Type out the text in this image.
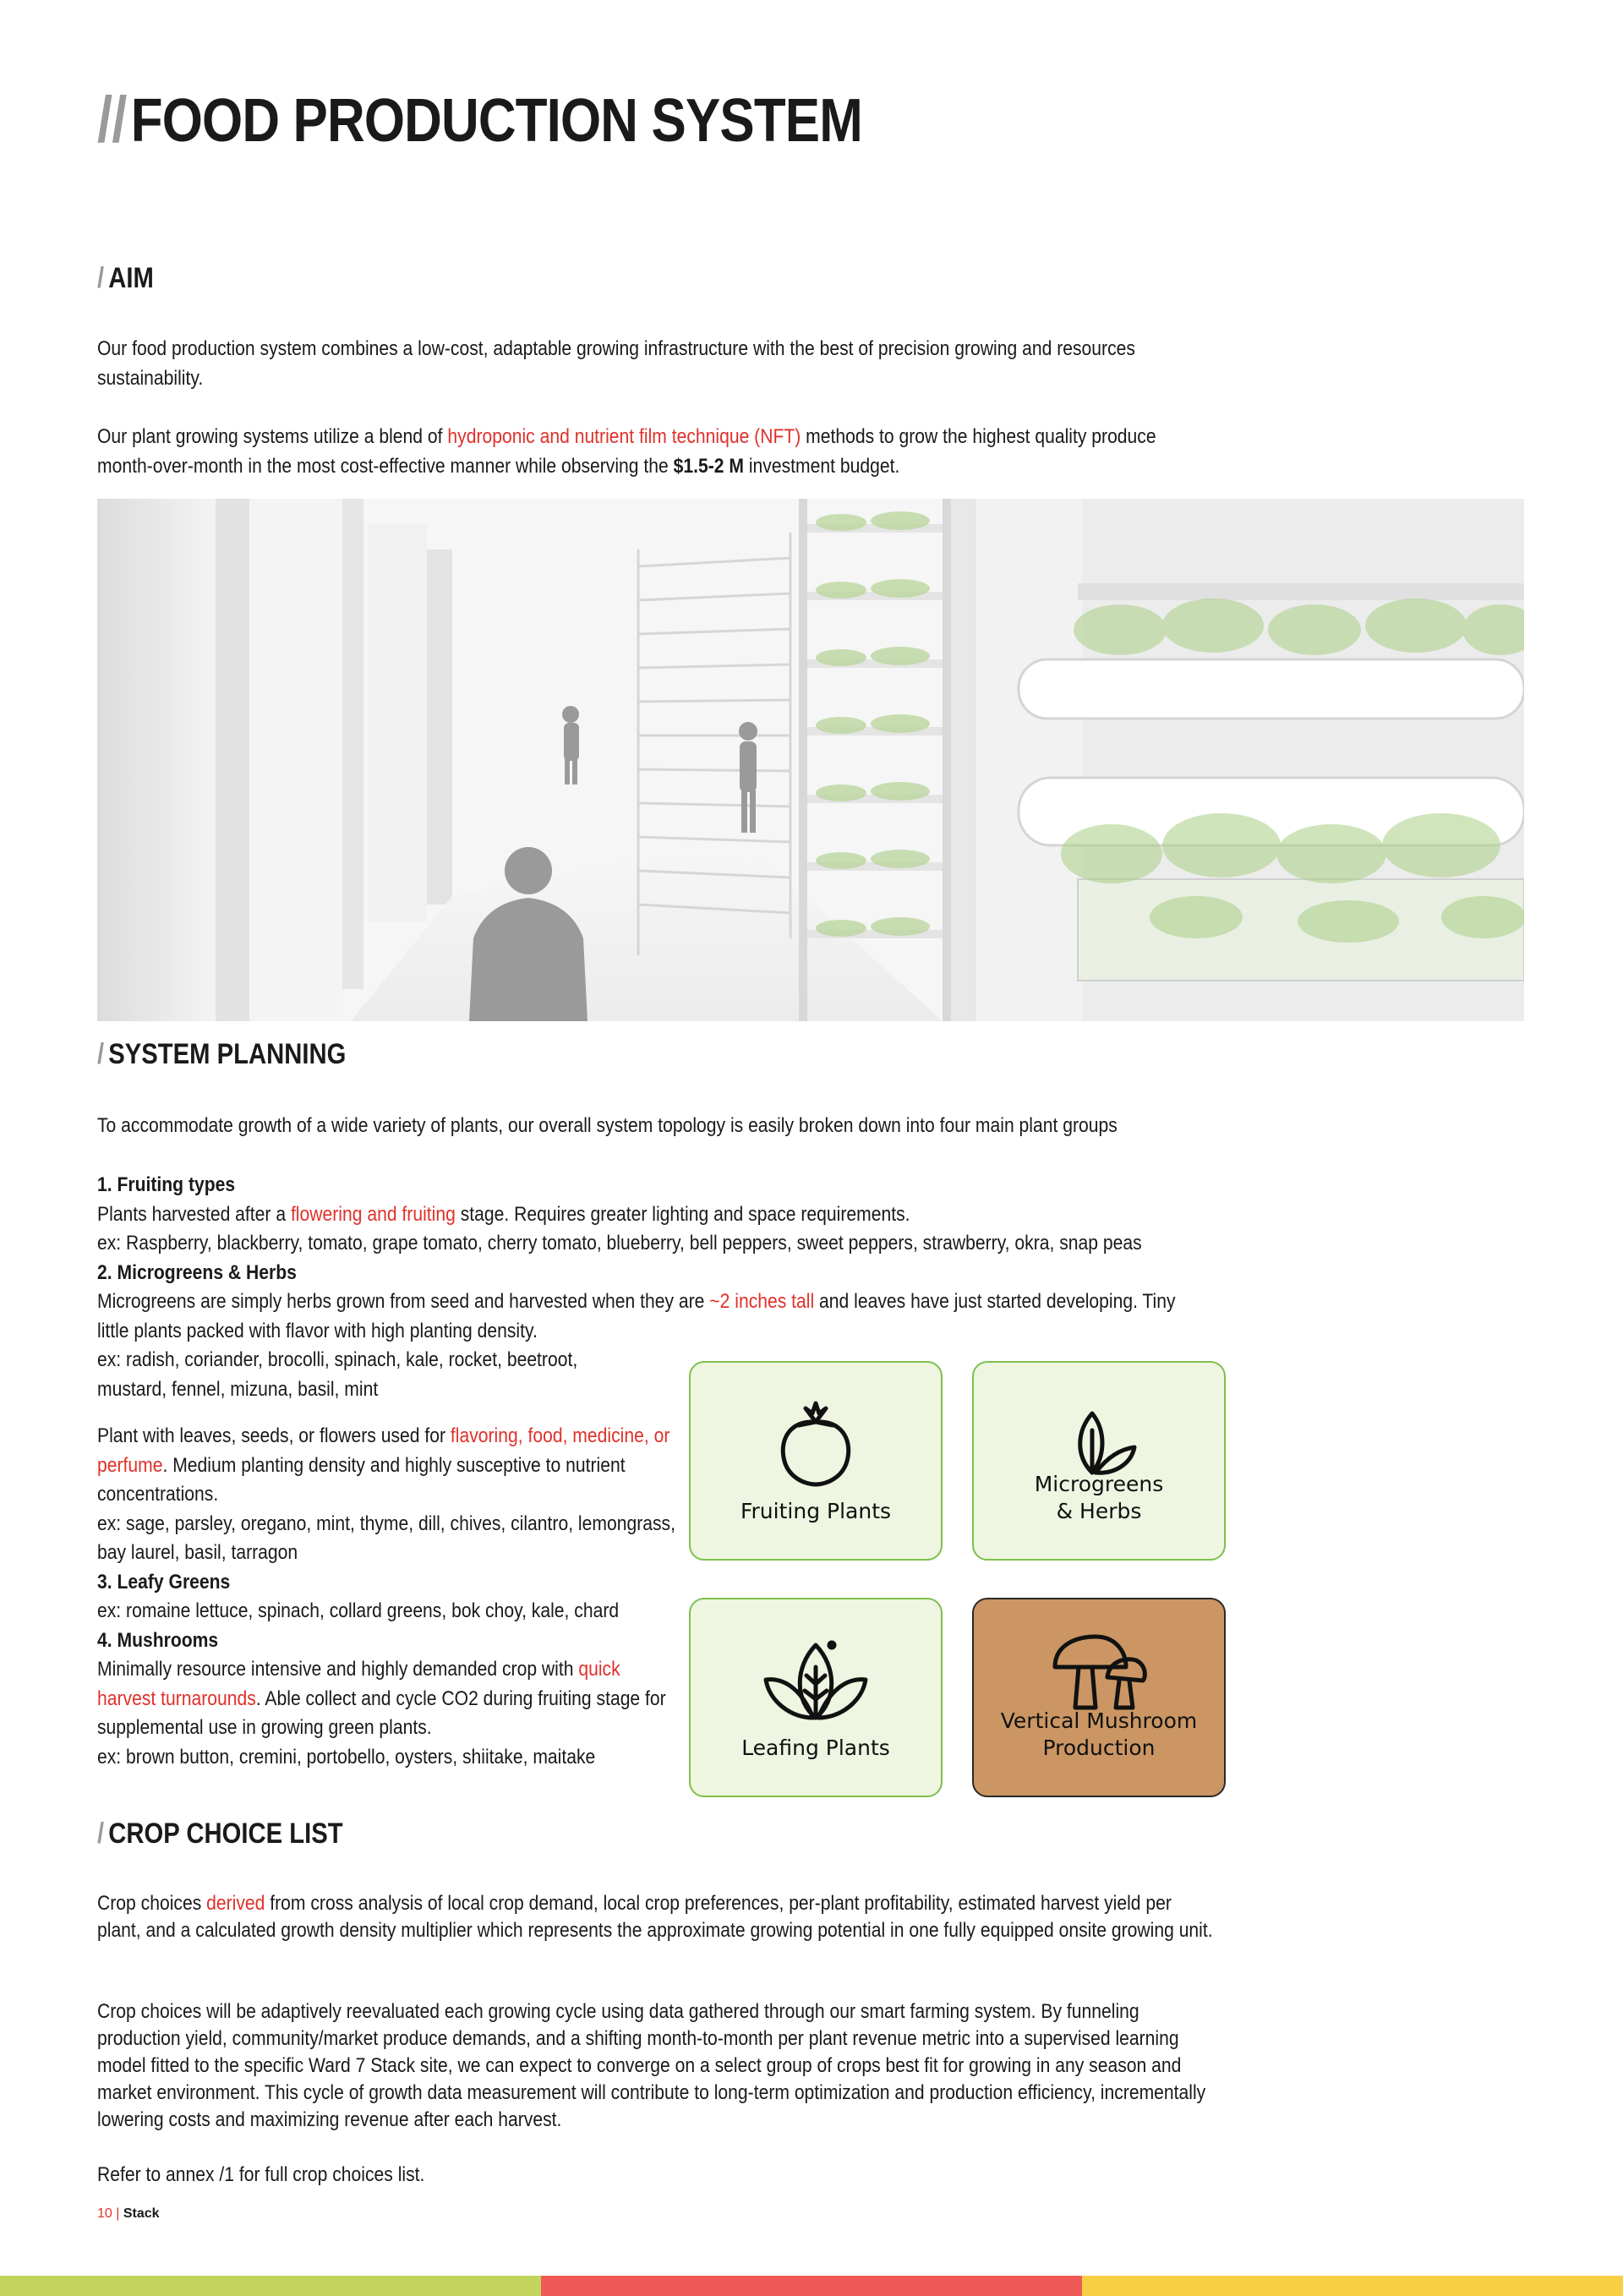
//FOOD PRODUCTION SYSTEM
/ AIM

Our food production system combines a low-cost, adaptable growing infrastructure with the best of precision growing and resources sustainability.

Our plant growing systems utilize a blend of hydroponic and nutrient film technique (NFT) methods to grow the highest quality produce month-over-month in the most cost-effective manner while observing the $1.5-2 M investment budget.

/ SYSTEM PLANNING

To accommodate growth of a wide variety of plants, our overall system topology is easily broken down into four main plant groups

1. Fruiting types

Plants harvested after a flowering and fruiting stage. Requires greater lighting and space requirements.

ex: Raspberry, blackberry, tomato, grape tomato, cherry tomato, blueberry, bell peppers, sweet peppers, strawberry, okra, snap peas

2. Microgreens & Herbs

Microgreens are simply herbs grown from seed and harvested when they are ~2 inches tall and leaves have just started developing. Tiny little plants packed with flavor with high planting density.

ex: radish, coriander, brocolli, spinach, kale, rocket, beetroot,

mustard, fennel, mizuna, basil, mint

Plant with leaves, seeds, or flowers used for flavoring, food, medicine, or perfume. Medium planting density and highly susceptive to nutrient concentrations.

ex: sage, parsley, oregano, mint, thyme, dill, chives, cilantro, lemongrass, bay laurel, basil, tarragon

3. Leafy Greens

ex: romaine lettuce, spinach, collard greens, bok choy, kale, chard

4. Mushrooms

Minimally resource intensive and highly demanded crop with quick harvest turnarounds. Able collect and cycle CO2 during fruiting stage for supplemental use in growing green plants.

ex: brown button, cremini, portobello, oysters, shiitake, maitake

Fruiting Plants
Microgreens
& Herbs
Leafing Plants
Vertical Mushroom
Production
/ CROP CHOICE LIST

Crop choices derived from cross analysis of local crop demand, local crop preferences, per-plant profitability, estimated harvest yield per plant, and a calculated growth density multiplier which represents the approximate growing potential in one fully equipped onsite growing unit.

Crop choices will be adaptively reevaluated each growing cycle using data gathered through our smart farming system. By funneling production yield, community/market produce demands, and a shifting month-to-month per plant revenue metric into a supervised learning model fitted to the specific Ward 7 Stack site, we can expect to converge on a select group of crops best fit for growing in any season and market environment. This cycle of growth data measurement will contribute to long-term optimization and production efficiency, incrementally lowering costs and maximizing revenue after each harvest.

Refer to annex /1 for full crop choices list.

10 | Stack
